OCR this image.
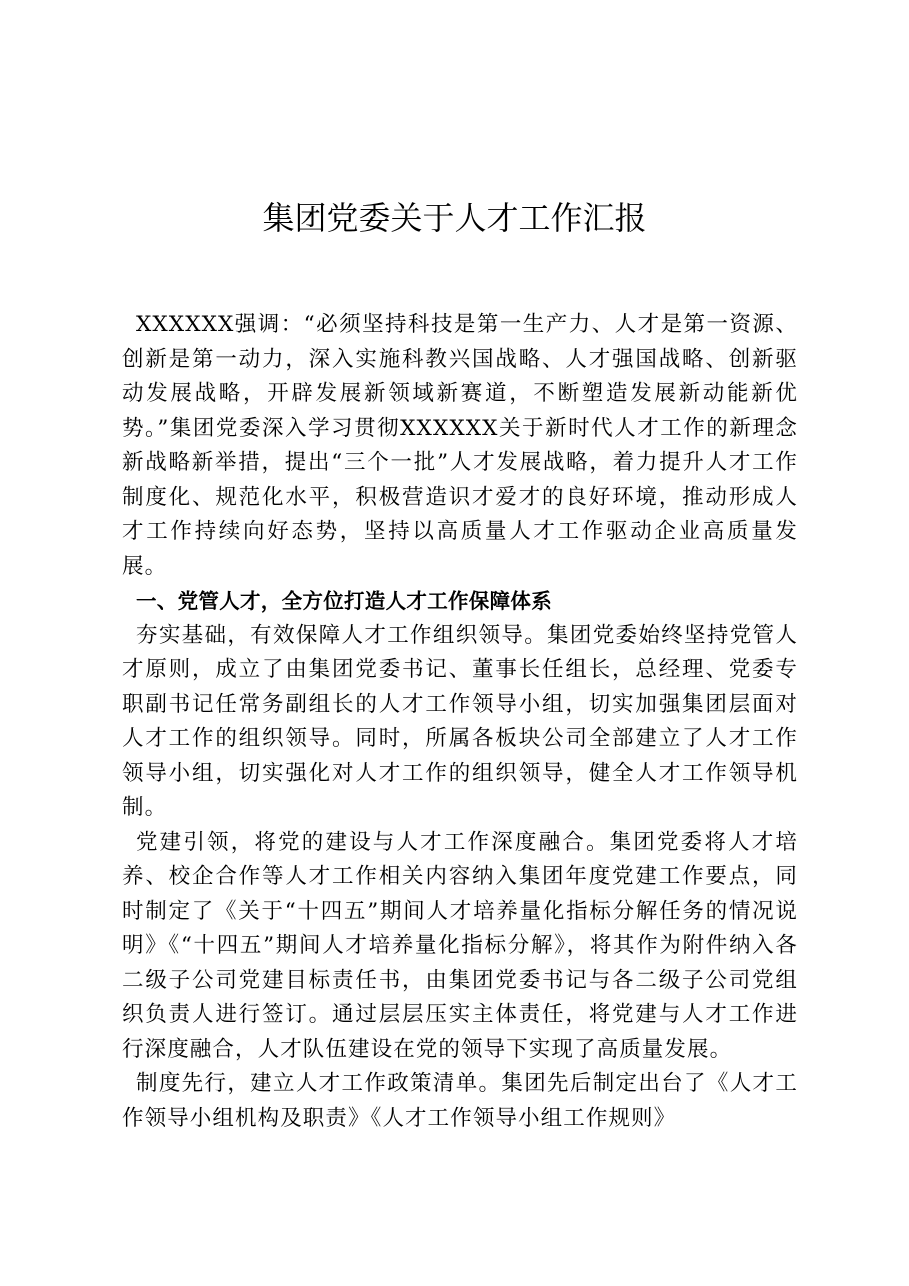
集团党委关于人才工作汇报

XXXXXX强调：“必须坚持科技是第一生产力、人才是第一资源、创新是第一动力，深入实施科教兴国战略、人才强国战略、创新驱动发展战略，开辟发展新领域新赛道，不断塑造发展新动能新优势。”集团党委深入学习贯彻XXXXXX关于新时代人才工作的新理念新战略新举措，提出“三个一批”人才发展战略，着力提升人才工作制度化、规范化水平，积极营造识才爱才的良好环境，推动形成人才工作持续向好态势，坚持以高质量人才工作驱动企业高质量发展。

一、党管人才，全方位打造人才工作保障体系

夯实基础，有效保障人才工作组织领导。集团党委始终坚持党管人才原则，成立了由集团党委书记、董事长任组长，总经理、党委专职副书记任常务副组长的人才工作领导小组，切实加强集团层面对人才工作的组织领导。同时，所属各板块公司全部建立了人才工作领导小组，切实强化对人才工作的组织领导，健全人才工作领导机制。

党建引领，将党的建设与人才工作深度融合。集团党委将人才培养、校企合作等人才工作相关内容纳入集团年度党建工作要点，同时制定了《关于“十四五”期间人才培养量化指标分解任务的情况说明》《“十四五”期间人才培养量化指标分解》，将其作为附件纳入各二级子公司党建目标责任书，由集团党委书记与各二级子公司党组织负责人进行签订。通过层层压实主体责任，将党建与人才工作进行深度融合，人才队伍建设在党的领导下实现了高质量发展。

制度先行，建立人才工作政策清单。集团先后制定出台了《人才工作领导小组机构及职责》《人才工作领导小组工作规则》
